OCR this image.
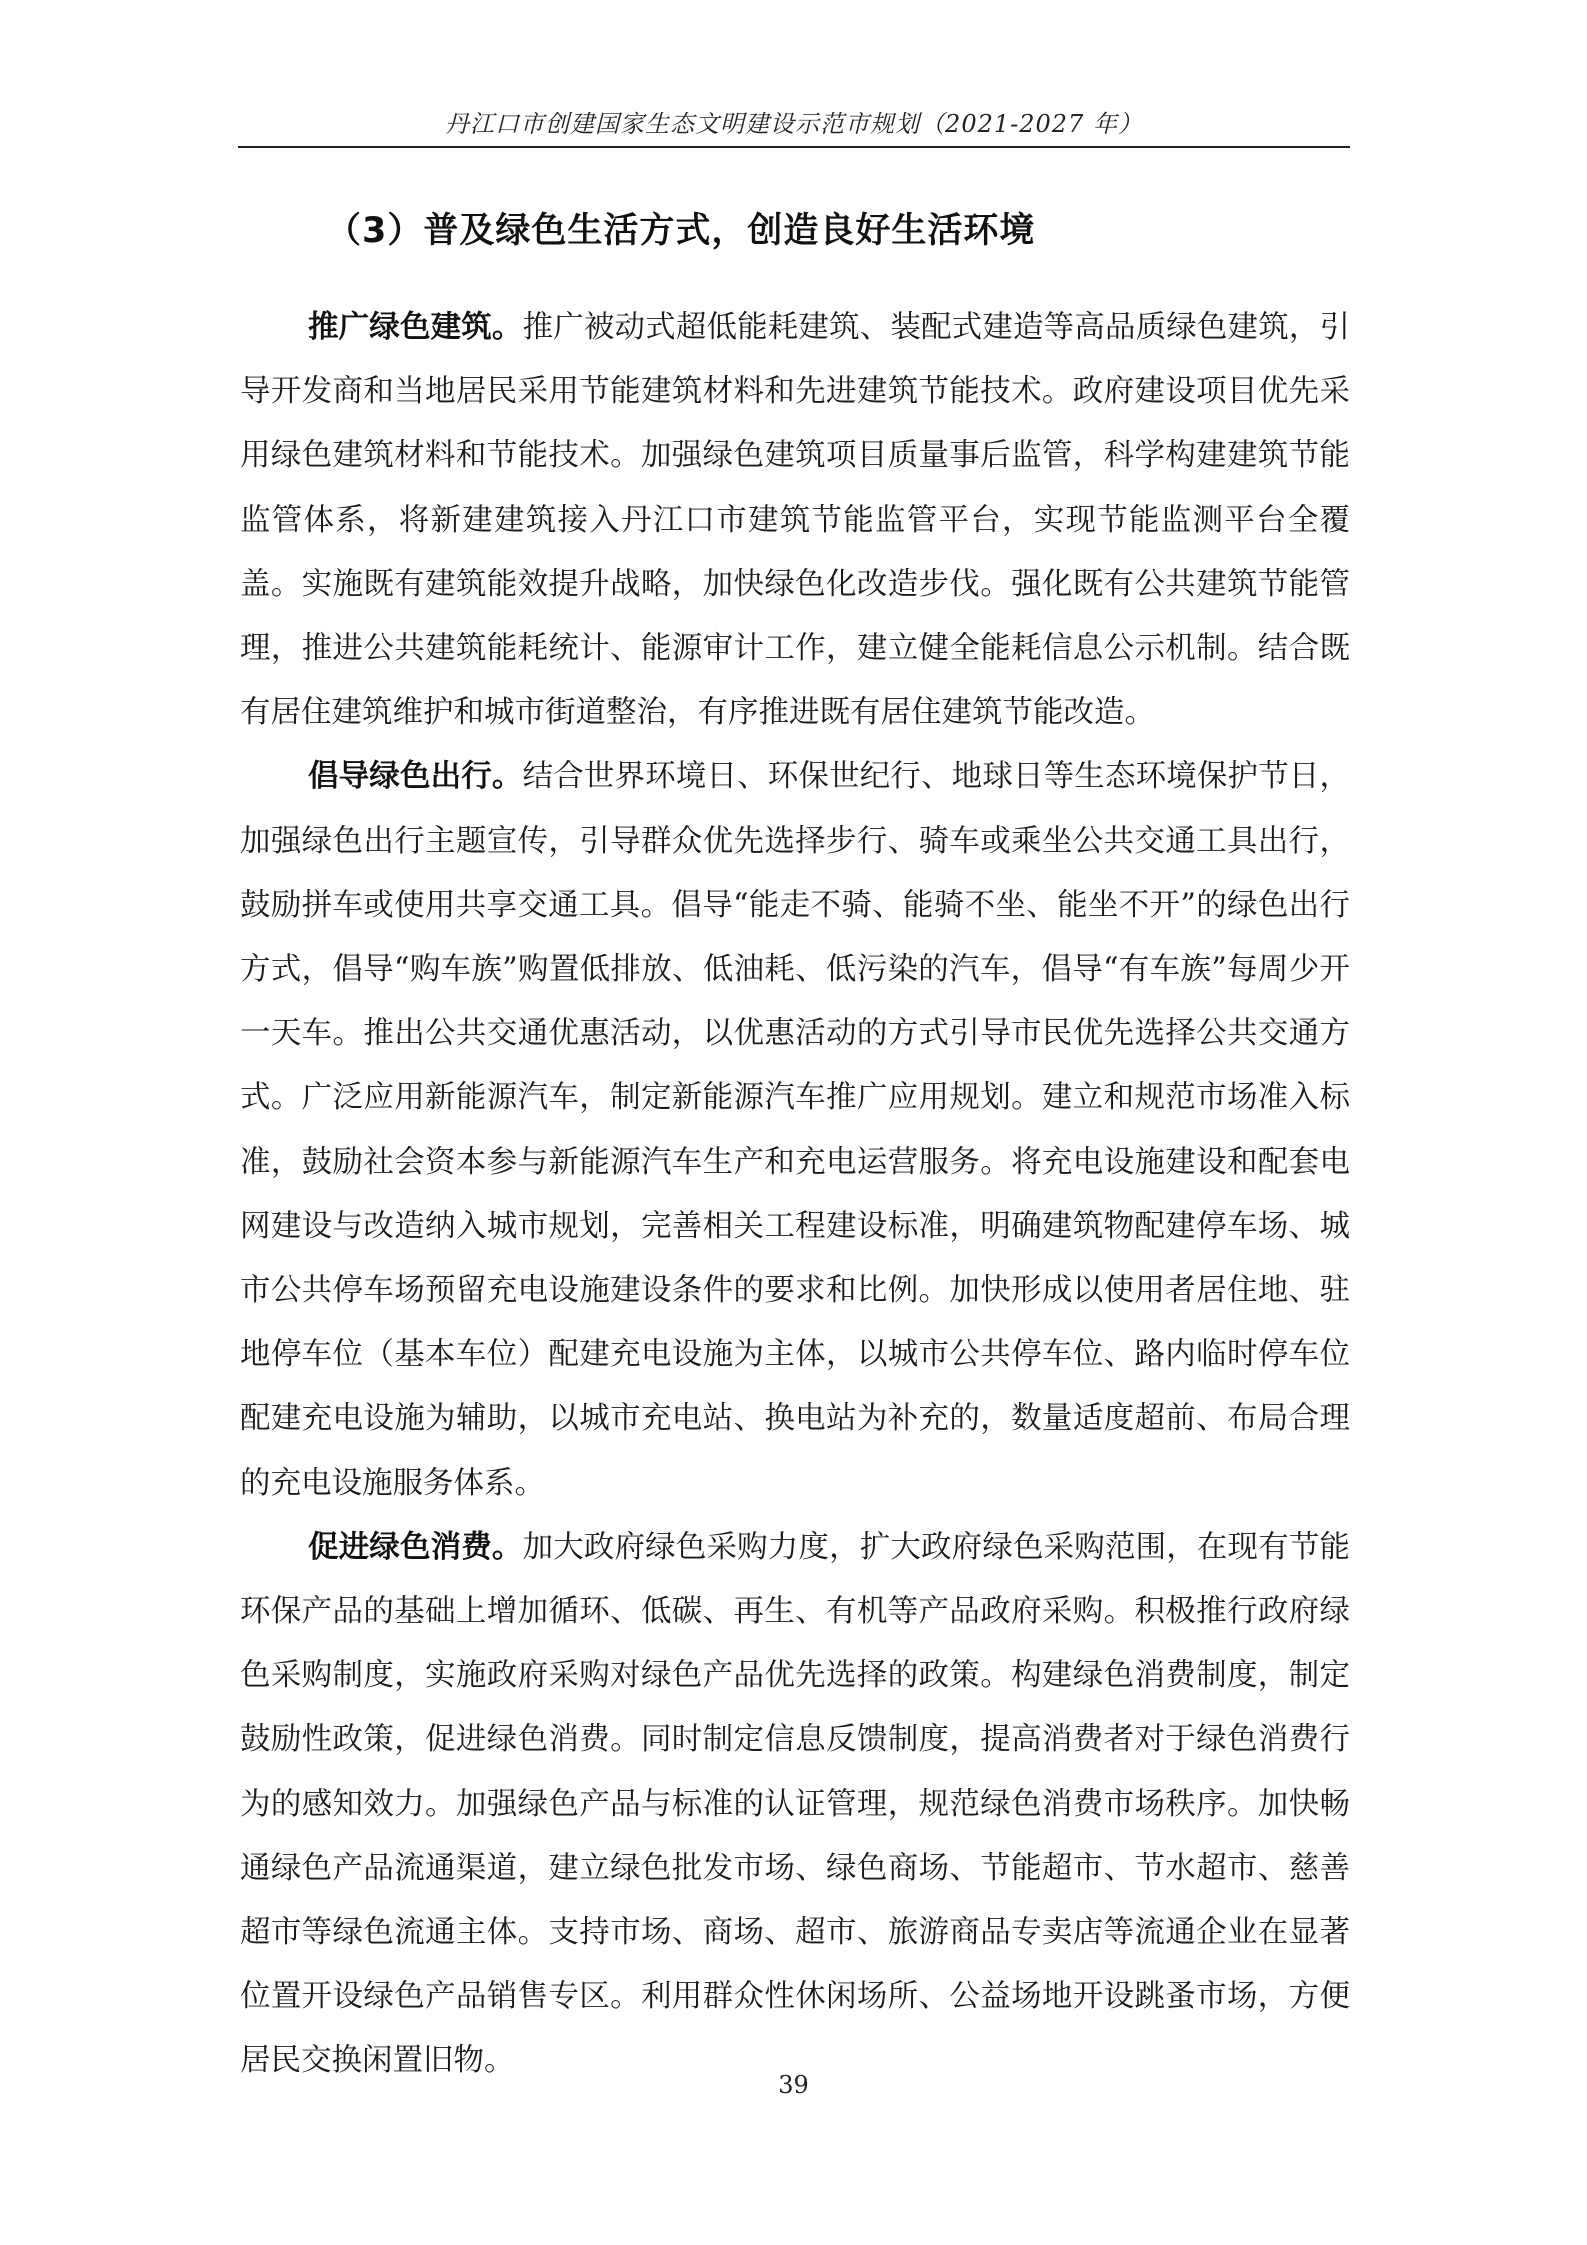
丹江口市创建国家生态文明建设示范市规划（2021-2027 年）
（3）普及绿色生活方式，创造良好生活环境

推广绿色建筑。推广被动式超低能耗建筑、装配式建造等高品质绿色建筑，引导开发商和当地居民采用节能建筑材料和先进建筑节能技术。政府建设项目优先采用绿色建筑材料和节能技术。加强绿色建筑项目质量事后监管，科学构建建筑节能监管体系，将新建建筑接入丹江口市建筑节能监管平台，实现节能监测平台全覆盖。实施既有建筑能效提升战略，加快绿色化改造步伐。强化既有公共建筑节能管理，推进公共建筑能耗统计、能源审计工作，建立健全能耗信息公示机制。结合既有居住建筑维护和城市街道整治，有序推进既有居住建筑节能改造。

倡导绿色出行。结合世界环境日、环保世纪行、地球日等生态环境保护节日，加强绿色出行主题宣传，引导群众优先选择步行、骑车或乘坐公共交通工具出行，鼓励拼车或使用共享交通工具。倡导“能走不骑、能骑不坐、能坐不开”的绿色出行方式，倡导“购车族”购置低排放、低油耗、低污染的汽车，倡导“有车族”每周少开一天车。推出公共交通优惠活动，以优惠活动的方式引导市民优先选择公共交通方式。广泛应用新能源汽车，制定新能源汽车推广应用规划。建立和规范市场准入标准，鼓励社会资本参与新能源汽车生产和充电运营服务。将充电设施建设和配套电网建设与改造纳入城市规划，完善相关工程建设标准，明确建筑物配建停车场、城市公共停车场预留充电设施建设条件的要求和比例。加快形成以使用者居住地、驻地停车位（基本车位）配建充电设施为主体，以城市公共停车位、路内临时停车位配建充电设施为辅助，以城市充电站、换电站为补充的，数量适度超前、布局合理的充电设施服务体系。

促进绿色消费。加大政府绿色采购力度，扩大政府绿色采购范围，在现有节能环保产品的基础上增加循环、低碳、再生、有机等产品政府采购。积极推行政府绿色采购制度，实施政府采购对绿色产品优先选择的政策。构建绿色消费制度，制定鼓励性政策，促进绿色消费。同时制定信息反馈制度，提高消费者对于绿色消费行为的感知效力。加强绿色产品与标准的认证管理，规范绿色消费市场秩序。加快畅通绿色产品流通渠道，建立绿色批发市场、绿色商场、节能超市、节水超市、慈善超市等绿色流通主体。支持市场、商场、超市、旅游商品专卖店等流通企业在显著位置开设绿色产品销售专区。利用群众性休闲场所、公益场地开设跳蚤市场，方便居民交换闲置旧物。

39
